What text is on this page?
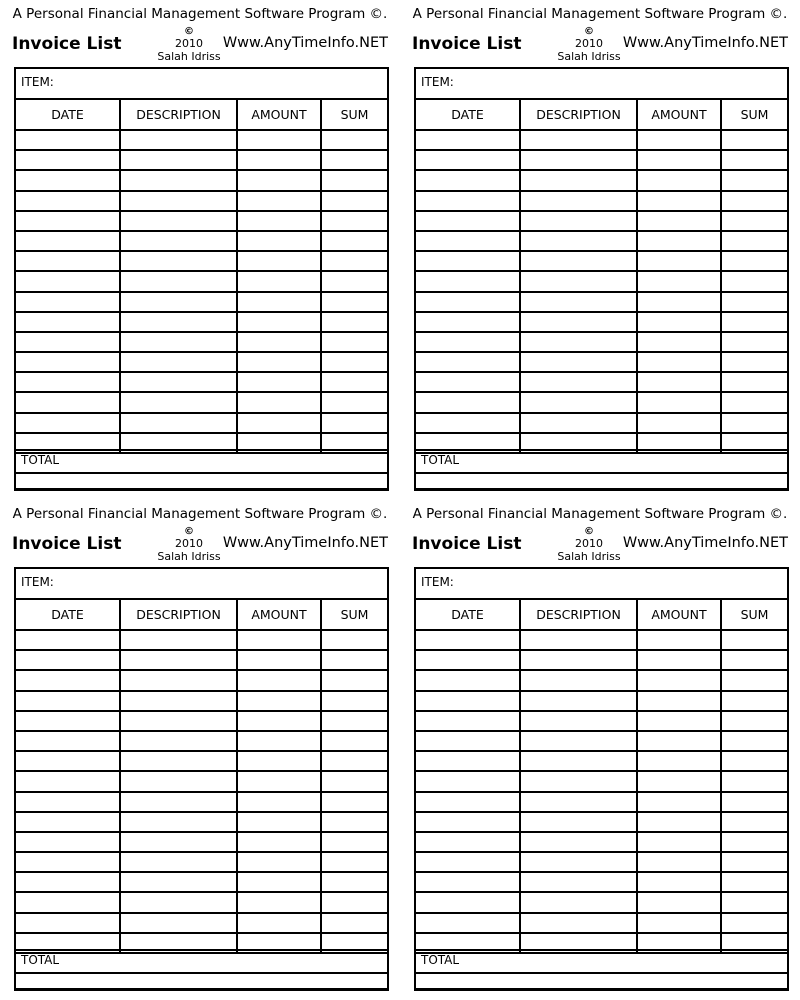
A Personal Financial Management Software Program ©.
Invoice List
©
2010
Salah Idriss
Www.AnyTimeInfo.NET
ITEM:
DATE	DESCRIPTION	AMOUNT	SUM

TOTAL
A Personal Financial Management Software Program ©.
Invoice List
©
2010
Salah Idriss
Www.AnyTimeInfo.NET
ITEM:
DATE	DESCRIPTION	AMOUNT	SUM

TOTAL
A Personal Financial Management Software Program ©.
Invoice List
©
2010
Salah Idriss
Www.AnyTimeInfo.NET
ITEM:
DATE	DESCRIPTION	AMOUNT	SUM

TOTAL
A Personal Financial Management Software Program ©.
Invoice List
©
2010
Salah Idriss
Www.AnyTimeInfo.NET
ITEM:
DATE	DESCRIPTION	AMOUNT	SUM

TOTAL
